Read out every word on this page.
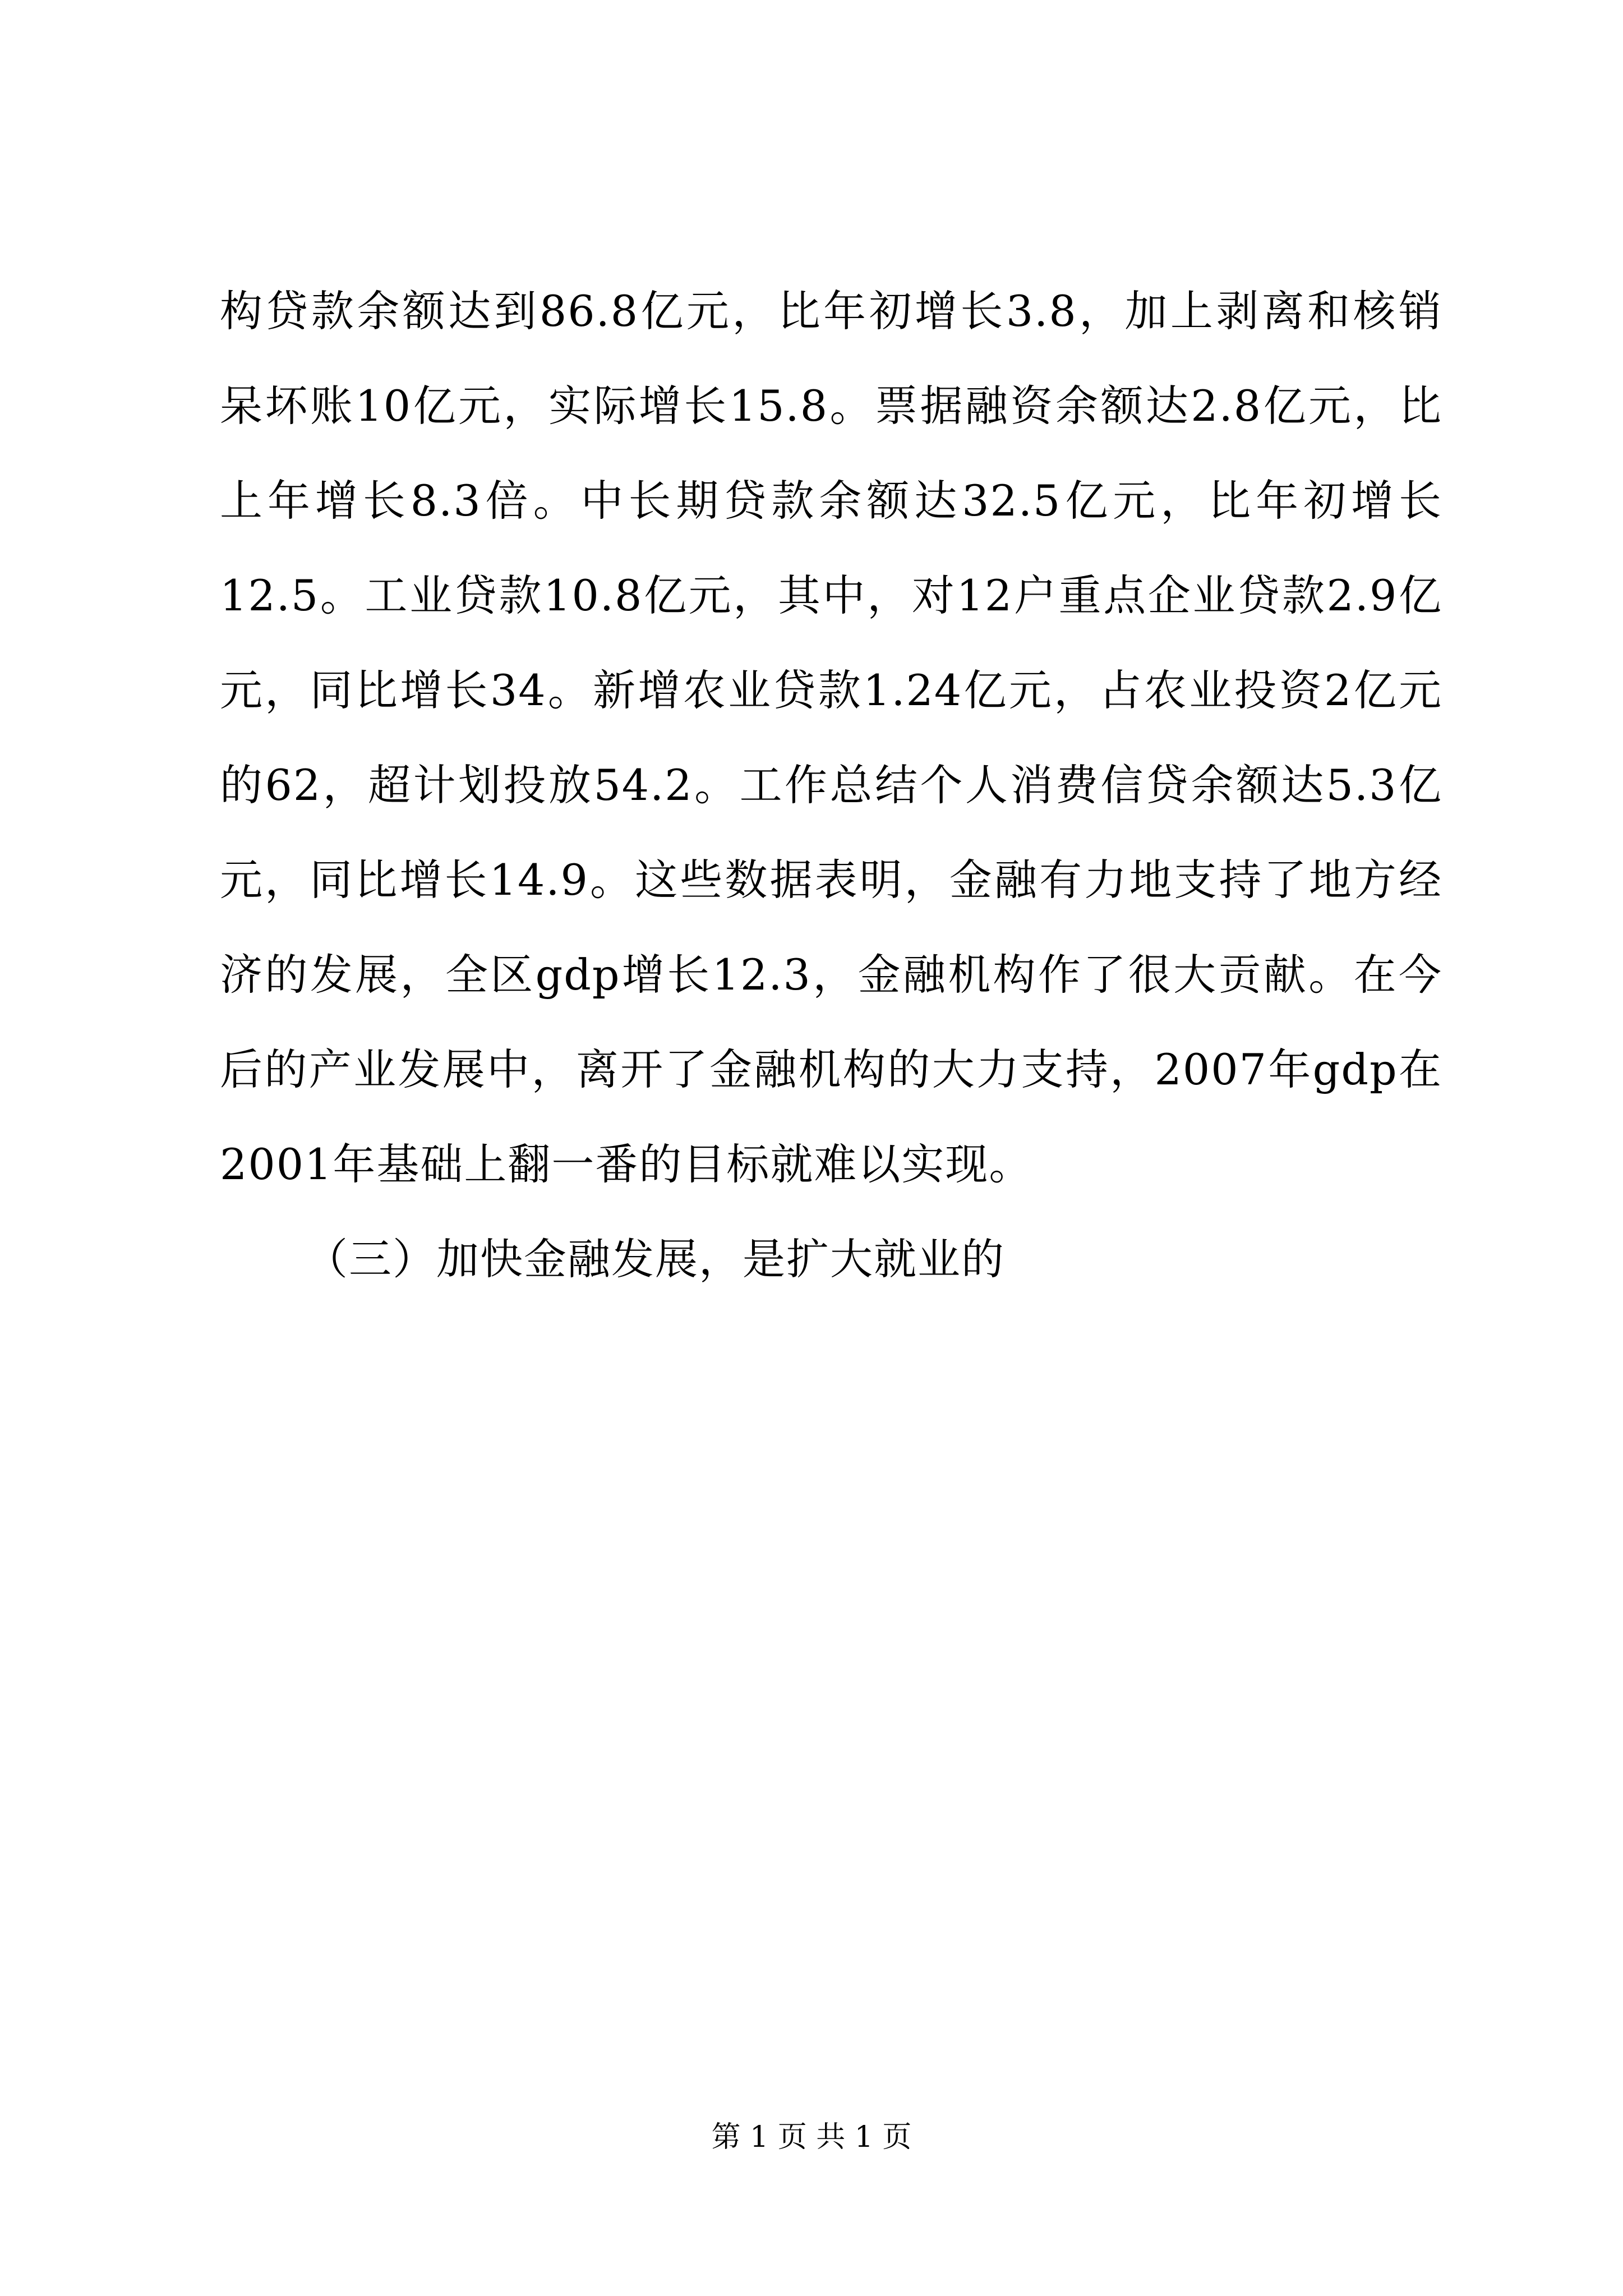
构贷款余额达到86.8亿元，比年初增长3.8，加上剥离和核销
呆坏账10亿元，实际增长15.8。票据融资余额达2.8亿元，比
上年增长8.3倍。中长期贷款余额达32.5亿元，比年初增长
12.5。工业贷款10.8亿元，其中，对12户重点企业贷款2.9亿
元，同比增长34。新增农业贷款1.24亿元，占农业投资2亿元
的62，超计划投放54.2。工作总结个人消费信贷余额达5.3亿
元，同比增长14.9。这些数据表明，金融有力地支持了地方经
济的发展，全区gdp增长12.3，金融机构作了很大贡献。在今
后的产业发展中，离开了金融机构的大力支持，2007年gdp在
2001年基础上翻一番的目标就难以实现。
（三）加快金融发展，是扩大就业的
第 1 页 共 1 页
